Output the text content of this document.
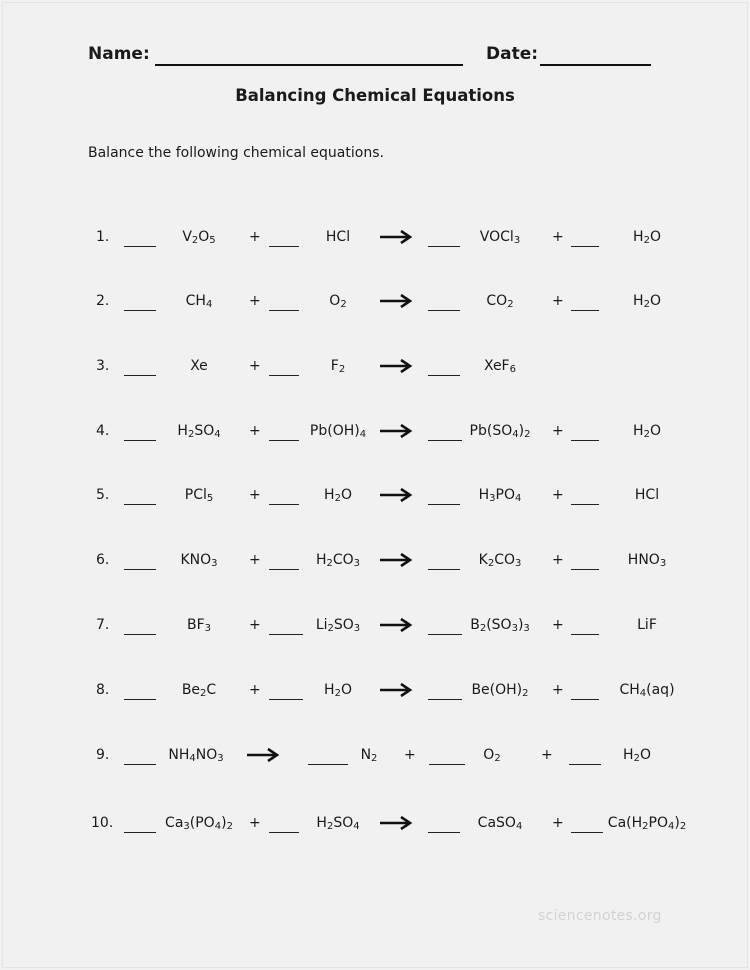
Name:	Date:
Balancing Chemical Equations
Balance the following chemical equations.
1.	$V_2O_5$	+	HCl	VOCl$_3$	+	$H_2O$
2.	$CH_4$	+	$O_2$	$CO_2$	+	$H_2O$
3.	Xe	+	$F_2$	XeF$_6$
4.	$H_2SO_4$	+	$Pb(OH)_4$	$Pb(SO_4)_2$	+	$H_2O$
5.	PCl$_5$	+	$H_2O$	$H_3PO_4$	+	HCl
6.	$KNO_3$	+	$H_2CO_3$	$K_2CO_3$	+	$HNO_3$
7.	$BF_3$	+	$Li_2SO_3$	$B_2(SO_3)_3$	+	LiF
8.	$Be_2C$	+	$H_2O$	$Be(OH)_2$	+	$CH_4(aq)$
9.	$NH_4NO_3$	$N_2$	+	$O_2$	+	$H_2O$
10.	$Ca_3(PO_4)_2$	+	$H_2SO_4$	CaSO$_4$	+	$Ca(H_2PO_4)_2$
sciencenotes.org
